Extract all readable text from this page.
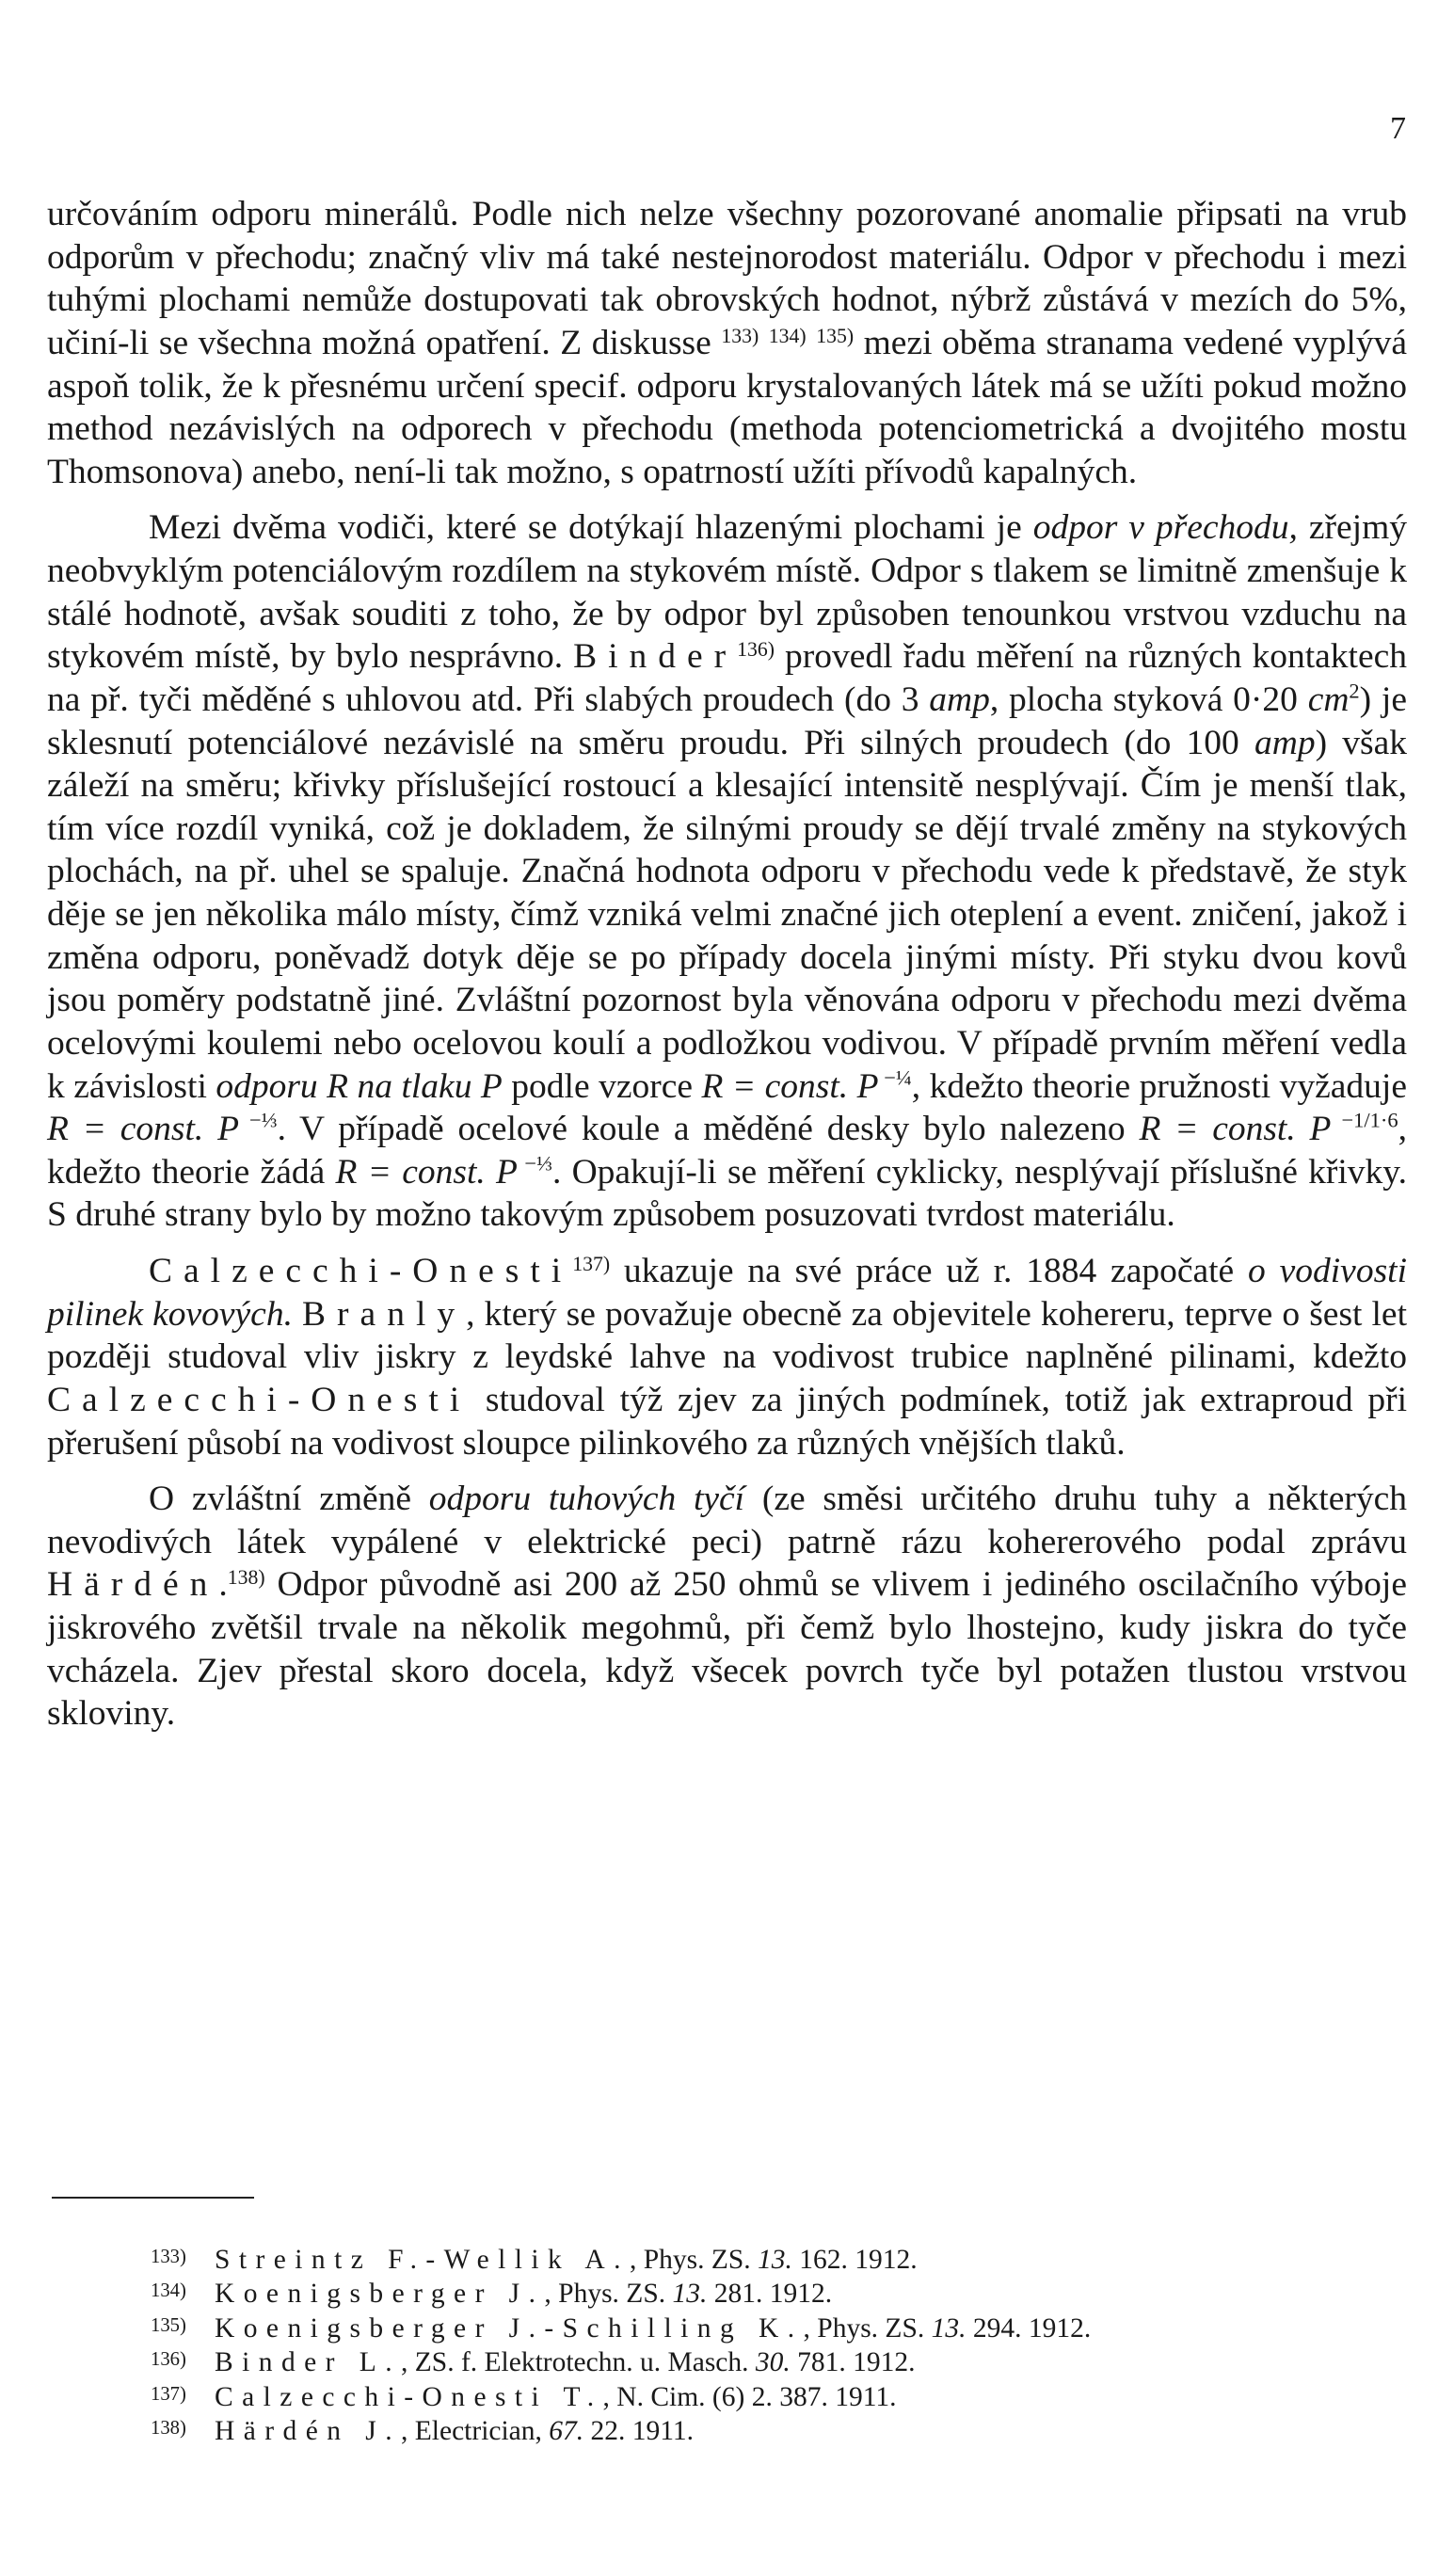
7

určováním odporu minerálů. Podle nich nelze všechny pozorované anomalie připsati na vrub odporům v přechodu; značný vliv má také nestejnorodost materiálu. Odpor v přechodu i mezi tuhými plochami nemůže dostupovati tak obrovských hodnot, nýbrž zůstává v mezích do 5%, učiní-li se všechna možná opatření. Z diskusse $^{133)}$ $^{134)}$ $^{135)}$ mezi oběma stranama vedené vyplývá aspoň tolik, že k přesnému určení specif. odporu krystalovaných látek má se užíti pokud možno method nezávislých na odporech v přechodu (methoda potenciometrická a dvojitého mostu Thomsonova) anebo, není-li tak možno, s opatrností užíti přívodů kapalných.

Mezi dvěma vodiči, které se dotýkají hlazenými plochami je odpor v přechodu, zřejmý neobvyklým potenciálovým rozdílem na stykovém místě. Odpor s tlakem se limitně zmenšuje k stálé hodnotě, avšak souditi z toho, že by odpor byl způsoben tenounkou vrstvou vzduchu na stykovém místě, by bylo nesprávno. Binder$^{136)}$ provedl řadu měření na různých kontaktech na př. tyči měděné s uhlovou atd. Při slabých proudech (do 3 amp, plocha styková 0·20 $cm^2$) je sklesnutí potenciálové nezávislé na směru proudu. Při silných proudech (do 100 amp) však záleží na směru; křivky příslušející rostoucí a klesající intensitě nesplývají. Čím je menší tlak, tím více rozdíl vyniká, což je dokladem, že silnými proudy se dějí trvalé změny na stykových plochách, na př. uhel se spaluje. Značná hodnota odporu v přechodu vede k představě, že styk děje se jen několika málo místy, čímž vzniká velmi značné jich oteplení a event. zničení, jakož i změna odporu, poněvadž dotyk děje se po případy docela jinými místy. Při styku dvou kovů jsou poměry podstatně jiné. Zvláštní pozornost byla věnována odporu v přechodu mezi dvěma ocelovými koulemi nebo ocelovou koulí a podložkou vodivou. V případě prvním měření vedla k závislosti odporu R na tlaku P podle vzorce R = const. P $^{-\frac{1}{4}}$, kdežto theorie pružnosti vyžaduje R = const. P $^{-\frac{1}{3}}$. V případě ocelové koule a měděné desky bylo nalezeno R = const. P $^{-1/1\cdot 6}$, kdežto theorie žádá R = const. P $^{-\frac{1}{3}}$. Opakují-li se měření cyklicky, nesplývají příslušné křivky. S druhé strany bylo by možno takovým způsobem posuzovati tvrdost materiálu.

Calzecchi-Onesti$^{137)}$ ukazuje na své práce už r. 1884 započaté o vodivosti pilinek kovových. Branly, který se považuje obecně za objevitele kohereru, teprve o šest let později studoval vliv jiskry z leydské lahve na vodivost trubice naplněné pilinami, kdežto Calzecchi-Onesti studoval týž zjev za jiných podmínek, totiž jak extraproud při přerušení působí na vodivost sloupce pilinkového za různých vnějších tlaků.

O zvláštní změně odporu tuhových tyčí (ze směsi určitého druhu tuhy a některých nevodivých látek vypálené v elektrické peci) patrně rázu kohererového podal zprávu Härdén.$^{138)}$ Odpor původně asi 200 až 250 ohmů se vlivem i jediného oscilačního výboje jiskrového zvětšil trvale na několik megohmů, při čemž bylo lhostejno, kudy jiskra do tyče vcházela. Zjev přestal skoro docela, když všecek povrch tyče byl potažen tlustou vrstvou skloviny.

133) Streintz F.-Wellik A., Phys. ZS. 13. 162. 1912.
134) Koenigsberger J., Phys. ZS. 13. 281. 1912.
135) Koenigsberger J.-Schilling K., Phys. ZS. 13. 294. 1912.
136) Binder L., ZS. f. Elektrotechn. u. Masch. 30. 781. 1912.
137) Calzecchi-Onesti T., N. Cim. (6) 2. 387. 1911.
138) Härdén J., Electrician, 67. 22. 1911.
